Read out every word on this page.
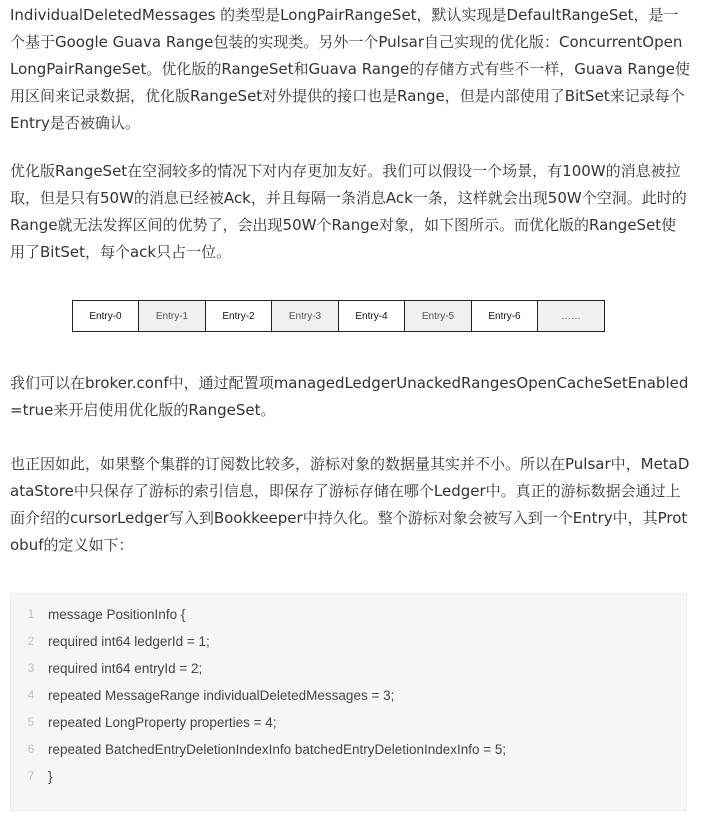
IndividualDeletedMessages 的类型是LongPairRangeSet，默认实现是DefaultRangeSet，是一个基于Google Guava Range包装的实现类。另外一个Pulsar自己实现的优化版：ConcurrentOpenLongPairRangeSet。优化版的RangeSet和Guava Range的存储方式有些不一样，Guava Range使用区间来记录数据，优化版RangeSet对外提供的接口也是Range，但是内部使用了BitSet来记录每个Entry是否被确认。

优化版RangeSet在空洞较多的情况下对内存更加友好。我们可以假设一个场景，有100W的消息被拉取，但是只有50W的消息已经被Ack，并且每隔一条消息Ack一条，这样就会出现50W个空洞。此时的Range就无法发挥区间的优势了，会出现50W个Range对象，如下图所示。而优化版的RangeSet使用了BitSet，每个ack只占一位。

我们可以在broker.conf中，通过配置项managedLedgerUnackedRangesOpenCacheSetEnabled=true来开启使用优化版的RangeSet。

也正因如此，如果整个集群的订阅数比较多，游标对象的数据量其实并不小。所以在Pulsar中，MetaDataStore中只保存了游标的索引信息，即保存了游标存储在哪个Ledger中。真正的游标数据会通过上面介绍的cursorLedger写入到Bookkeeper中持久化。整个游标对象会被写入到一个Entry中，其Protobuf的定义如下：

Entry-0	Entry-1	Entry-2	Entry-3	Entry-4	Entry-5	Entry-6	……
1 message PositionInfo {
2 required int64 ledgerId = 1;
3 required int64 entryId = 2;
4 repeated MessageRange individualDeletedMessages = 3;
5 repeated LongProperty properties = 4;
6 repeated BatchedEntryDeletionIndexInfo batchedEntryDeletionIndexInfo = 5;
7 }
